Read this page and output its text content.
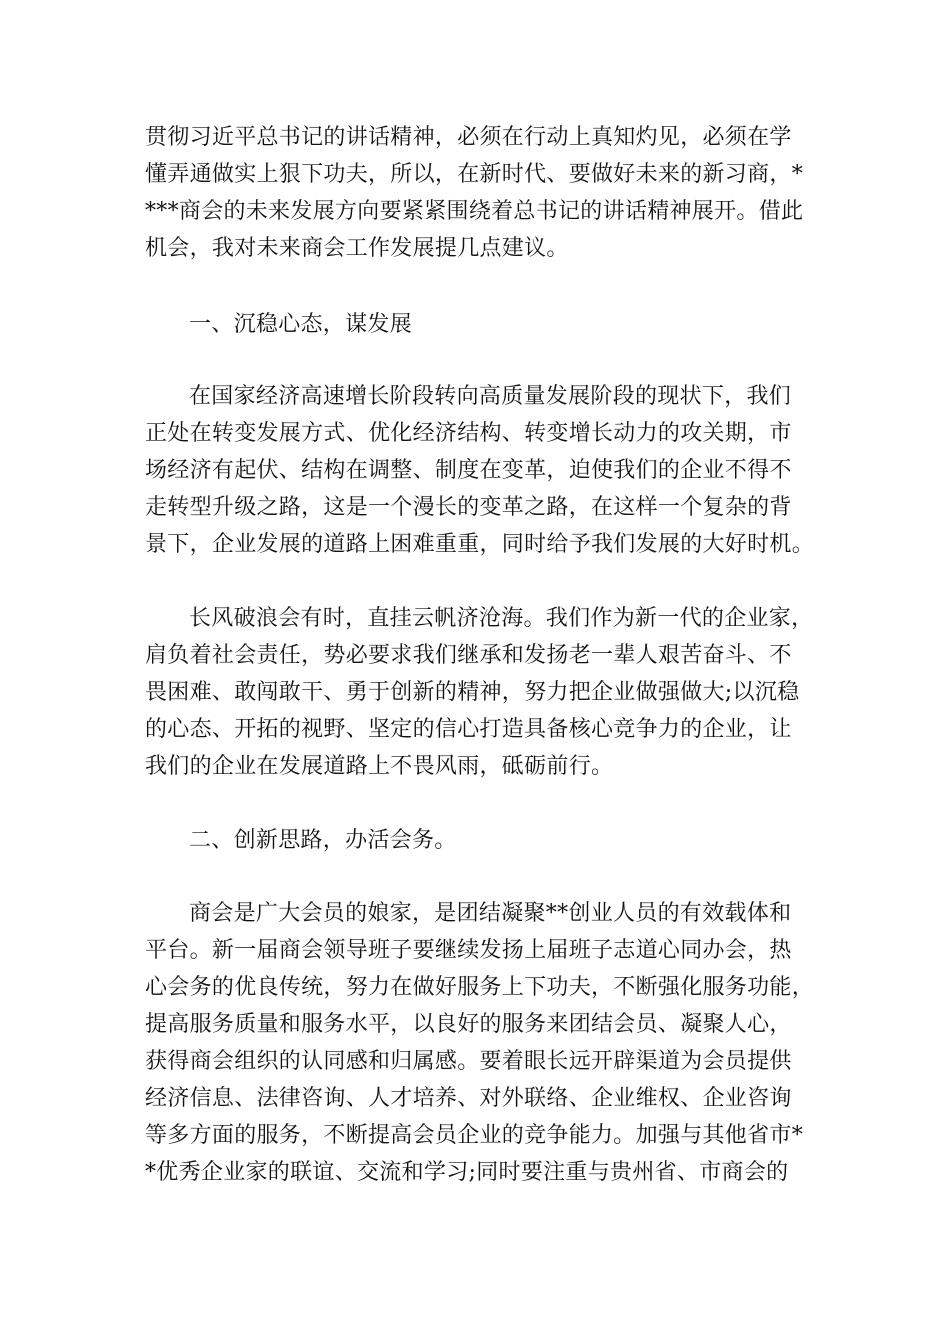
贯彻习近平总书记的讲话精神，必须在行动上真知灼见，必须在学
懂弄通做实上狠下功夫，所以，在新时代、要做好未来的新习商，*
***商会的未来发展方向要紧紧围绕着总书记的讲话精神展开。借此
机会，我对未来商会工作发展提几点建议。
一、沉稳心态，谋发展
在国家经济高速增长阶段转向高质量发展阶段的现状下，我们
正处在转变发展方式、优化经济结构、转变增长动力的攻关期，市
场经济有起伏、结构在调整、制度在变革，迫使我们的企业不得不
走转型升级之路，这是一个漫长的变革之路，在这样一个复杂的背
景下，企业发展的道路上困难重重，同时给予我们发展的大好时机。
长风破浪会有时，直挂云帆济沧海。我们作为新一代的企业家，
肩负着社会责任，势必要求我们继承和发扬老一辈人艰苦奋斗、不
畏困难、敢闯敢干、勇于创新的精神，努力把企业做强做大;以沉稳
的心态、开拓的视野、坚定的信心打造具备核心竞争力的企业，让
我们的企业在发展道路上不畏风雨，砥砺前行。
二、创新思路，办活会务。
商会是广大会员的娘家，是团结凝聚**创业人员的有效载体和
平台。新一届商会领导班子要继续发扬上届班子志道心同办会，热
心会务的优良传统，努力在做好服务上下功夫，不断强化服务功能，
提高服务质量和服务水平，以良好的服务来团结会员、凝聚人心，
获得商会组织的认同感和归属感。要着眼长远开辟渠道为会员提供
经济信息、法律咨询、人才培养、对外联络、企业维权、企业咨询
等多方面的服务，不断提高会员企业的竞争能力。加强与其他省市*
*优秀企业家的联谊、交流和学习;同时要注重与贵州省、市商会的
